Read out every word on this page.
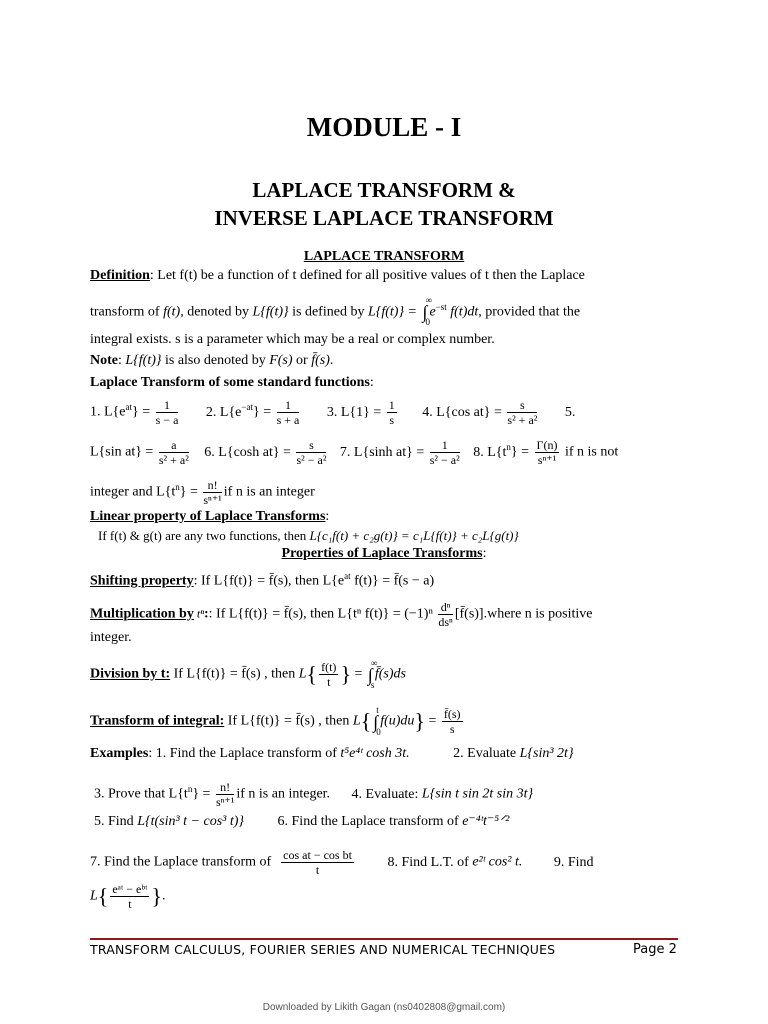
MODULE - I
LAPLACE TRANSFORM &
INVERSE LAPLACE TRANSFORM
LAPLACE TRANSFORM
Definition: Let f(t) be a function of t defined for all positive values of t then the Laplace
transform of f(t), denoted by L{f(t)} is defined by L{f(t)} = ∫
∞
0
$e^{-st}$ f(t)dt, provided that the
integral exists. s is a parameter which may be a real or complex number.
Note: L{f(t)} is also denoted by F(s) or f̄(s).
Laplace Transform of some standard functions:
1. $L\{e^{at}\} = \frac{1}{s - a} 2$. $L\{e^{-at}\} = \frac{1}{s + a} 3$. $L\{1\} = \frac{1}{s} 4$. L{cos $at\} = \frac{s}{\text{s² + a²}} 5$.
L{sin $at\} = \frac{a}{\text{s² + a²}} 6$. L{cosh $at\} = \frac{s}{\text{s² − a²}} 7$. L{sinh $at\} = \frac{1}{\text{s² − a²}} 8$. $L\{t^n\} = \frac{\Gamma(n)}{\text{sⁿ⁺¹}}$ if n is not
integer and $L\{t^n\} = \frac{n!}{\text{sⁿ⁺¹}}$ if n is an integer
Linear property of Laplace Transforms:
If f(t) & g(t) are any two functions, then L{c₁f(t) + c₂g(t)} = c₁L{f(t)} + c₂L{g(t)}
Properties of Laplace Transforms:
Shifting property: If L{f(t)} = f̄(s), then $L\{e^{at}$ f(t)} = f̄(s − a)
Multiplication by tⁿ:: If L{f(t)} = f̄(s), then L{tⁿ $f(t)\} = (-1)^n \frac{\text{dⁿ}}{\text{dsⁿ}}$ [f̄(s)].where n is positive
integer.
Division by t: If L{f(t)} = f̄(s) , then $L\{ \frac{f(t)}{t}$ } = ∫
∞
s
f̄(s)ds
Transform of integral: If L{f(t)} = f̄(s) , then L{ ∫
t
0
$f(u)du\} = \frac{f̄(s)}{s}$
Examples: 1. Find the Laplace transform of t⁵e⁴ᵗ cosh 3t.	2. Evaluate L{sin³ 2t}
3. Prove that $L\{t^n\} = \frac{n!}{\text{sⁿ⁺¹}}$ if n is an integer. 4. Evaluate: L{sin t sin 2t sin 3t}
5. Find L{t(sin³ t − cos³ t)} 6. Find the Laplace transform of e⁻⁴ᵗt⁻⁵ᐟ²
7. Find the Laplace transform of $\frac{\text{cos at − cos bt}}{t} 8$. Find L.T. of e²ᵗ cos² t. 9. Find
$L\{ \frac{\text{eᵃᵗ − eᵇᵗ}}{t}$ }.
TRANSFORM CALCULUS, FOURIER SERIES AND NUMERICAL TECHNIQUES	Page 2
Downloaded by Likith Gagan (ns0402808@gmail.com)
